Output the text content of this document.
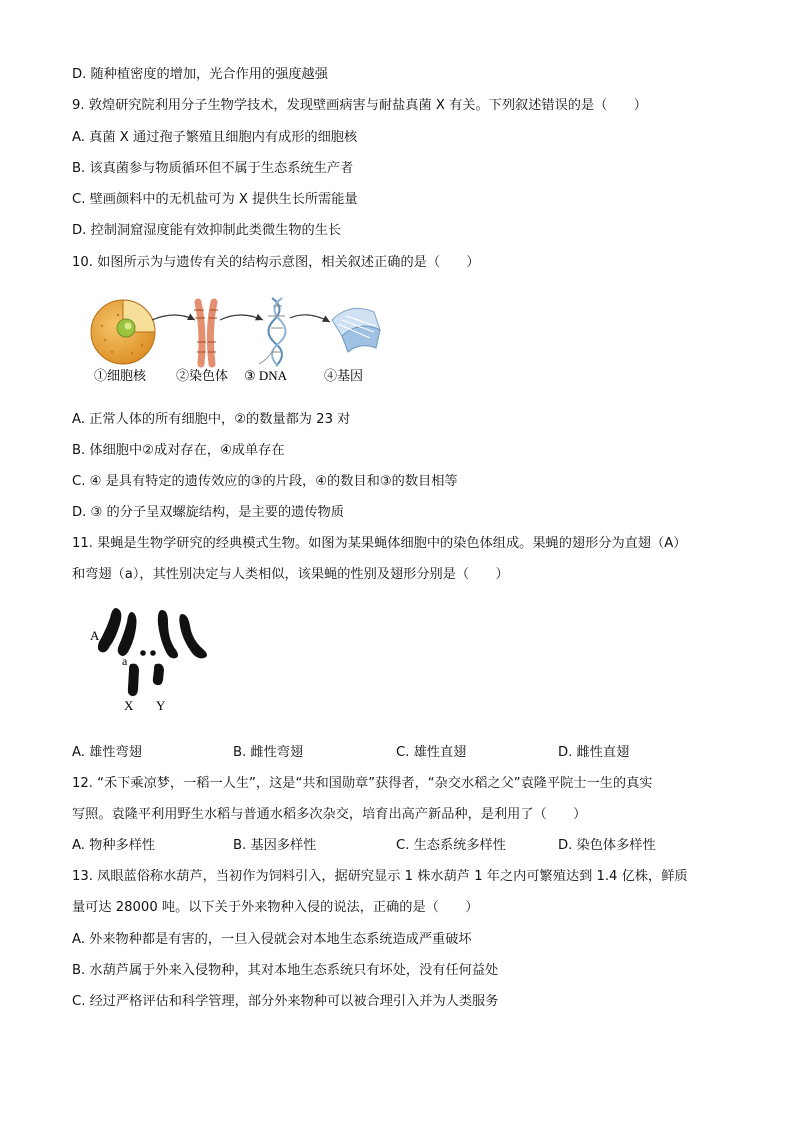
D. 随种植密度的增加，光合作用的强度越强
9. 敦煌研究院利用分子生物学技术，发现壁画病害与耐盐真菌 X 有关。下列叙述错误的是（　　）
A. 真菌 X 通过孢子繁殖且细胞内有成形的细胞核
B. 该真菌参与物质循环但不属于生态系统生产者
C. 壁画颜料中的无机盐可为 X 提供生长所需能量
D. 控制洞窟湿度能有效抑制此类微生物的生长
10. 如图所示为与遗传有关的结构示意图，相关叙述正确的是（　　）
①细胞核 ②染色体 ③ DNA	④基因
A. 正常人体的所有细胞中，②的数量都为 23 对
B. 体细胞中②成对存在，④成单存在
C. ④ 是具有特定的遗传效应的③的片段，④的数目和③的数目相等
D. ③ 的分子呈双螺旋结构，是主要的遗传物质
11. 果蝇是生物学研究的经典模式生物。如图为某果蝇体细胞中的染色体组成。果蝇的翅形分为直翅（A）
和弯翅（a），其性别决定与人类相似，该果蝇的性别及翅形分别是（　　）
A
a
X Y
A. 雄性弯翅	B. 雌性弯翅	C. 雄性直翅	D. 雌性直翅
12. “禾下乘凉梦，一稻一人生”，这是“共和国勋章”获得者，“杂交水稻之父”袁隆平院士一生的真实
写照。袁隆平利用野生水稻与普通水稻多次杂交，培育出高产新品种，是利用了（　　）
A. 物种多样性	B. 基因多样性	C. 生态系统多样性	D. 染色体多样性
13. 凤眼蓝俗称水葫芦，当初作为饲料引入，据研究显示 1 株水葫芦 1 年之内可繁殖达到 1.4 亿株，鲜质
量可达 28000 吨。以下关于外来物种入侵的说法，正确的是（　　）
A. 外来物种都是有害的，一旦入侵就会对本地生态系统造成严重破坏
B. 水葫芦属于外来入侵物种，其对本地生态系统只有坏处，没有任何益处
C. 经过严格评估和科学管理，部分外来物种可以被合理引入并为人类服务
